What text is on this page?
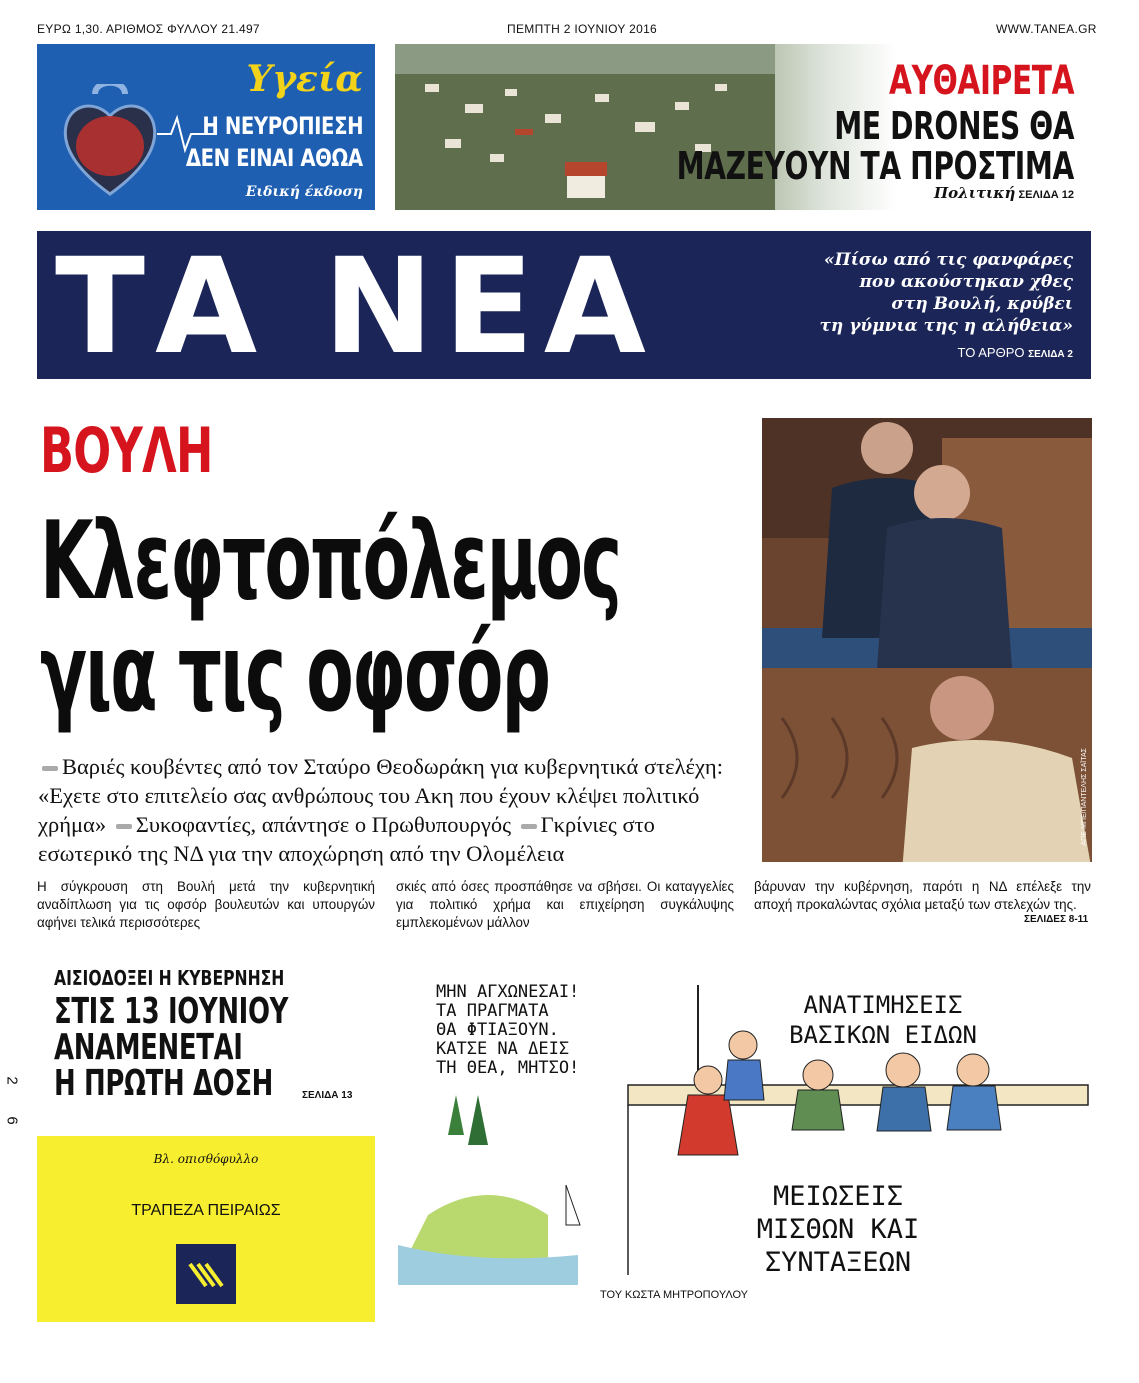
ΕΥΡΩ 1,30. ΑΡΙΘΜΟΣ ΦΥΛΛΟΥ 21.497	ΠΕΜΠΤΗ 2 ΙΟΥΝΙΟΥ 2016	WWW.TANEA.GR
Υγεία
Η ΝΕΥΡΟΠΙΕΣΗ
ΔΕΝ ΕΙΝΑΙ ΑΘΩΑ
Ειδική έκδοση
ΑΥΘΑΙΡΕΤΑ
ΜΕ DRONES ΘΑ
ΜΑΖΕΥΟΥΝ ΤΑ ΠΡΟΣΤΙΜΑ
Πολιτική ΣΕΛΙΔΑ 12
ΤΑ ΝΕΑ	«Πίσω από τις φανφάρες
που ακούστηκαν χθες
στη Βουλή, κρύβει
τη γύμνια της η αλήθεια»
ΤΟ ΑΡΘΡΟ ΣΕΛΙΔΑ 2
ΒΟΥΛΗ
Κλεφτοπόλεμος
για τις οφσόρ
Βαριές κουβέντες από τον Σταύρο Θεοδωράκη για κυβερνητικά στελέχη: «Εχετε στο επιτελείο σας ανθρώπους του Ακη που έχουν κλέψει πολιτικό χρήμα» Συκοφαντίες, απάντησε ο Πρωθυπουργός Γκρίνιες στο εσωτερικό της ΝΔ για την αποχώρηση από την Ολομέλεια
Η σύγκρουση στη Βουλή μετά την κυβερνητική αναδίπλωση για τις οφσόρ βουλευτών και υπουργών αφήνει τελικά περισσότερες
σκιές από όσες προσπάθησε να σβήσει. Οι καταγγελίες για πολιτικό χρήμα και επιχείρηση συγκάλυψης εμπλεκομένων μάλλον
βάρυναν την κυβέρνηση, παρότι η ΝΔ επέλεξε την αποχή προκαλώντας σχόλια μεταξύ των στελεχών της.
ΣΕΛΙΔΕΣ 8-11
ΑΠΕ-ΜΠΕ/ΠΑΝΤΕΛΗΣ ΣΑΪΤΑΣ
ΑΙΣΙΟΔΟΞΕΙ Η ΚΥΒΕΡΝΗΣΗ
ΣΤΙΣ 13 ΙΟΥΝΙΟΥ
ΑΝΑΜΕΝΕΤΑΙ
Η ΠΡΩΤΗ ΔΟΣΗ	ΣΕΛΙΔΑ 13
2
6
Βλ. οπισθόφυλλο
ΤΡΑΠΕΖΑ ΠΕΙΡΑΙΩΣ
ΜΗΝ ΑΓΧΩΝΕΣΑΙ!
ΤΑ ΠΡΑΓΜΑΤΑ
ΘΑ ΦΤΙΑΞΟΥΝ.
ΚΑΤΣΕ ΝΑ ΔΕΙΣ
ΤΗ ΘΕΑ, ΜΗΤΣΟ!
ΑΝΑΤΙΜΗΣΕΙΣ
ΒΑΣΙΚΩΝ ΕΙΔΩΝ
ΜΕΙΩΣΕΙΣ
ΜΙΣΘΩΝ ΚΑΙ
ΣΥΝΤΑΞΕΩΝ
ΤΟΥ ΚΩΣΤΑ ΜΗΤΡΟΠΟΥΛΟΥ
